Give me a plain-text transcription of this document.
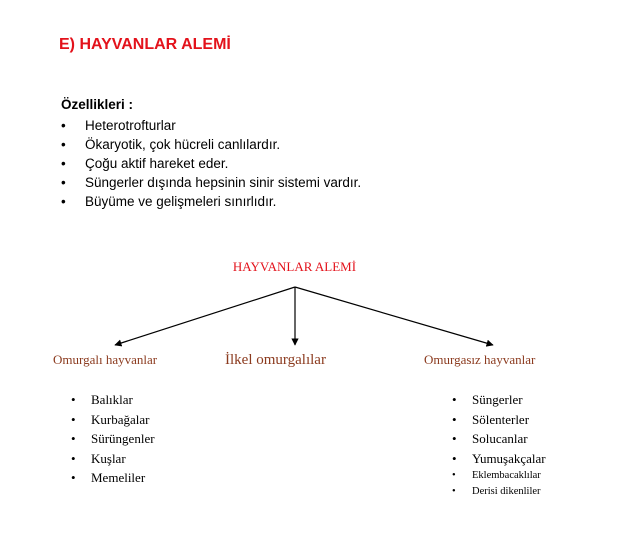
E) HAYVANLAR ALEMİ
Özellikleri :
• Heterotrofturlar
• Ökaryotik, çok hücreli canlılardır.
• Çoğu aktif hareket eder.
• Süngerler dışında hepsinin sinir sistemi vardır.
• Büyüme ve gelişmeleri sınırlıdır.
HAYVANLAR ALEMİ
Omurgalı hayvanlar	İlkel omurgalılar	Omurgasız hayvanlar
• Balıklar
• Kurbağalar
• Sürüngenler
• Kuşlar
• Memeliler
• Süngerler
• Sölenterler
• Solucanlar
• Yumuşakçalar
• Eklembacaklılar
• Derisi dikenliler
